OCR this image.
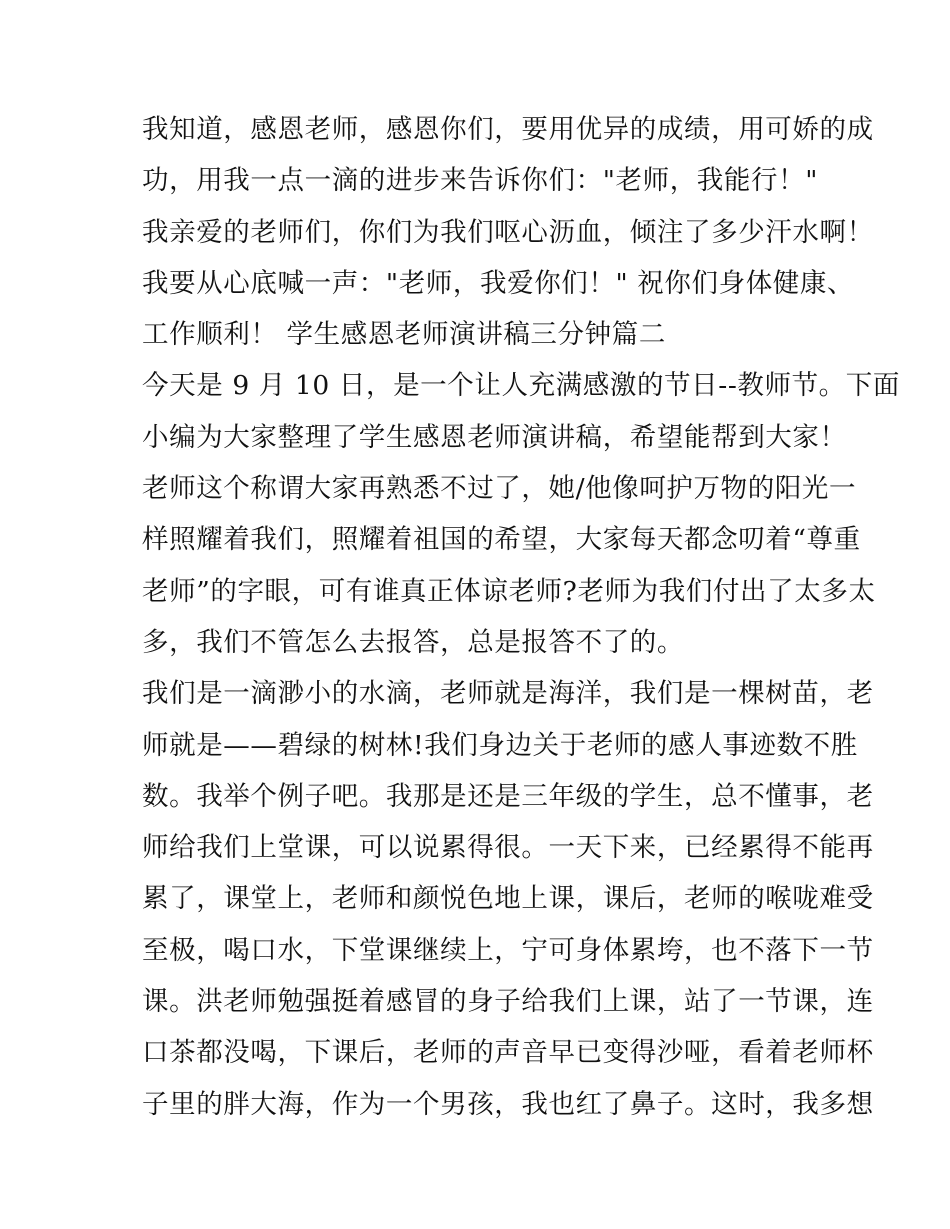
我知道，感恩老师，感恩你们，要用优异的成绩，用可娇的成
功，用我一点一滴的进步来告诉你们："老师，我能行！"
我亲爱的老师们，你们为我们呕心沥血，倾注了多少汗水啊！
我要从心底喊一声："老师，我爱你们！" 祝你们身体健康、
工作顺利！ 学生感恩老师演讲稿三分钟篇二
今天是 9 月 10 日，是一个让人充满感激的节日--教师节。下面
小编为大家整理了学生感恩老师演讲稿，希望能帮到大家！
老师这个称谓大家再熟悉不过了，她/他像呵护万物的阳光一
样照耀着我们，照耀着祖国的希望，大家每天都念叨着“尊重
老师”的字眼，可有谁真正体谅老师?老师为我们付出了太多太
多，我们不管怎么去报答，总是报答不了的。
我们是一滴渺小的水滴，老师就是海洋，我们是一棵树苗，老
师就是——碧绿的树林!我们身边关于老师的感人事迹数不胜
数。我举个例子吧。我那是还是三年级的学生，总不懂事，老
师给我们上堂课，可以说累得很。一天下来，已经累得不能再
累了，课堂上，老师和颜悦色地上课，课后，老师的喉咙难受
至极，喝口水，下堂课继续上，宁可身体累垮，也不落下一节
课。洪老师勉强挺着感冒的身子给我们上课，站了一节课，连
口茶都没喝，下课后，老师的声音早已变得沙哑，看着老师杯
子里的胖大海，作为一个男孩，我也红了鼻子。这时，我多想
